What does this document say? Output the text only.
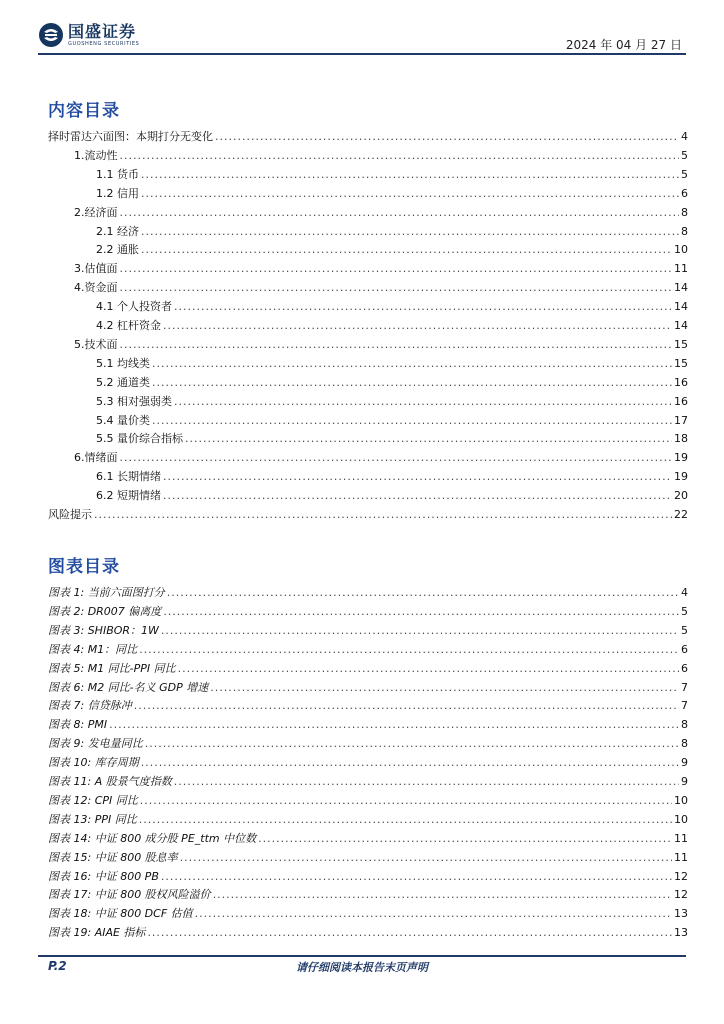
国盛证券
GUOSHENG SECURITIES	2024 年 04 月 27 日
内容目录
择时雷达六面图：本期打分无变化 .....	4
1.流动性 .....	5
1.1 货币 .....	5
1.2 信用 .....	6
2.经济面 .....	8
2.1 经济 .....	8
2.2 通胀 .....	10
3.估值面 .....	11
4.资金面 .....	14
4.1 个人投资者 .....	14
4.2 杠杆资金 .....	14
5.技术面 .....	15
5.1 均线类 .....	15
5.2 通道类 .....	16
5.3 相对强弱类 .....	16
5.4 量价类 .....	17
5.5 量价综合指标 .....	18
6.情绪面 .....	19
6.1 长期情绪 .....	19
6.2 短期情绪 .....	20
风险提示 .....	22
图表目录
图表 1: 当前六面图打分 .....	4
图表 2: DR007 偏离度 .....	5
图表 3: SHIBOR：1W .....	5
图表 4: M1：同比 .....	6
图表 5: M1 同比-PPI 同比 .....	6
图表 6: M2 同比-名义 GDP 增速 .....	7
图表 7: 信贷脉冲 .....	7
图表 8: PMI .....	8
图表 9: 发电量同比 .....	8
图表 10: 库存周期 .....	9
图表 11: A 股景气度指数 .....	9
图表 12: CPI 同比 .....	10
图表 13: PPI 同比 .....	10
图表 14: 中证 800 成分股 PE_ttm 中位数 .....	11
图表 15: 中证 800 股息率 .....	11
图表 16: 中证 800 PB .....	12
图表 17: 中证 800 股权风险溢价 .....	12
图表 18: 中证 800 DCF 估值 .....	13
图表 19: AIAE 指标 .....	13
P.2	请仔细阅读本报告末页声明
